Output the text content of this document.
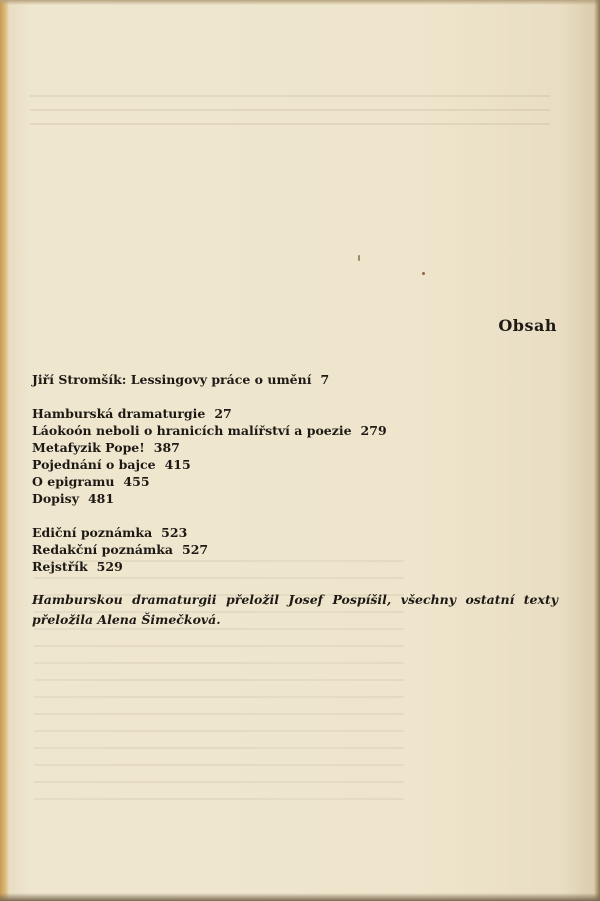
Obsah
Jiří Stromšík: Lessingovy práce o umění 7
Hamburská dramaturgie 27
Láokoón neboli o hranicích malířství a poezie 279
Metafyzik Pope! 387
Pojednání o bajce 415
O epigramu 455
Dopisy 481
Ediční poznámka 523
Redakční poznámka 527
Rejstřík 529
Hamburskou dramaturgii přeložil Josef Pospíšil, všechny ostatní texty přeložila Alena Šimečková.
